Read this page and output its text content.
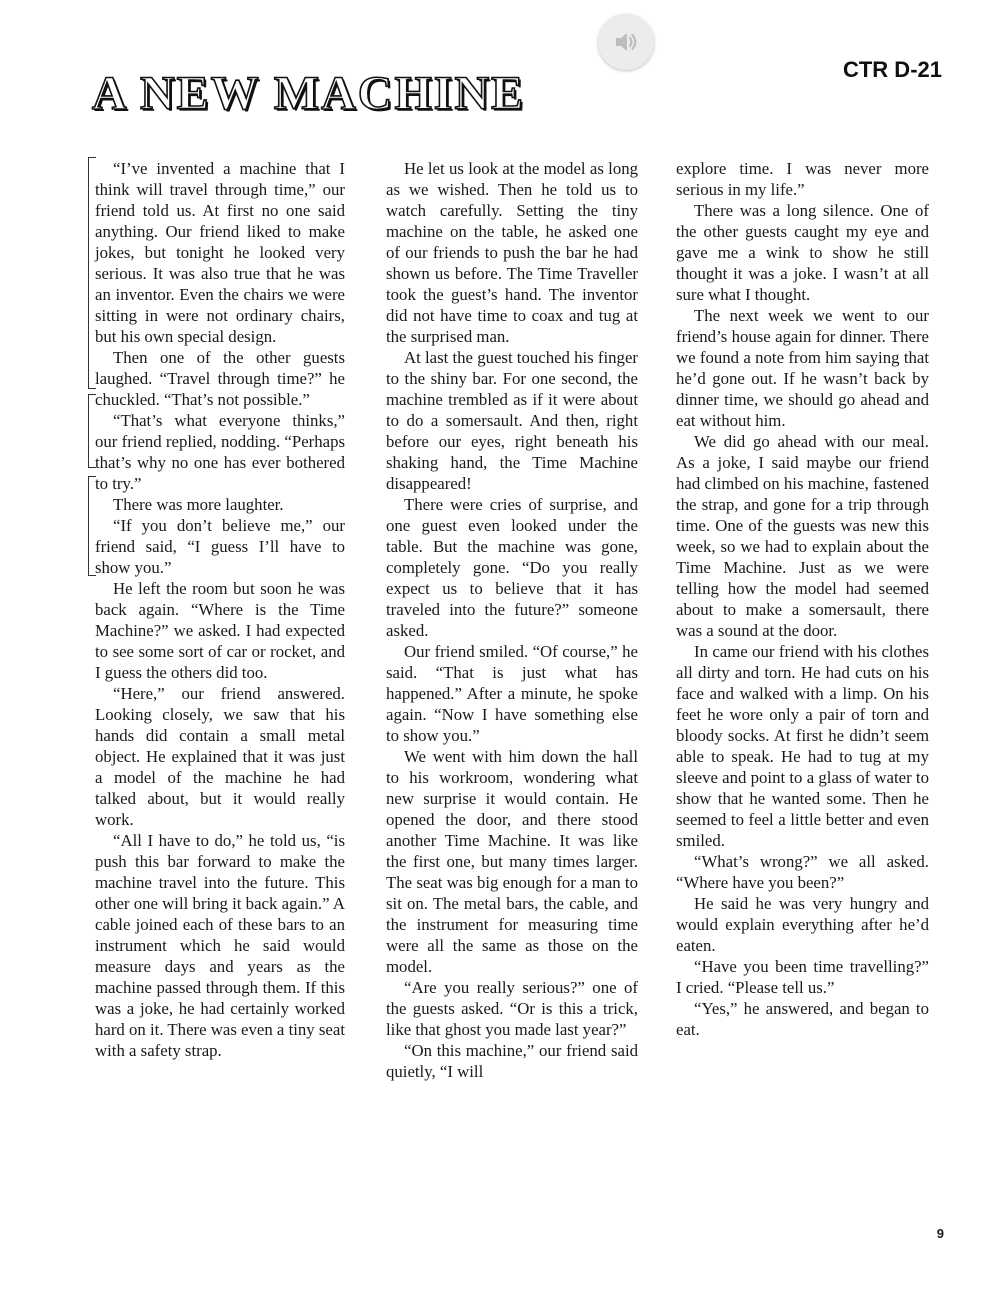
CTR D-21
A NEW MACHINE

“I’ve invented a machine that I think will travel through time,” our friend told us. At first no one said anything. Our friend liked to make jokes, but tonight he looked very serious. It was also true that he was an inventor. Even the chairs we were sitting in were not ordinary chairs, but his own special design.

Then one of the other guests laughed. “Travel through time?” he chuckled. “That’s not possible.”

“That’s what everyone thinks,” our friend replied, nodding. “Perhaps that’s why no one has ever bothered to try.”

There was more laughter.

“If you don’t believe me,” our friend said, “I guess I’ll have to show you.”

He left the room but soon he was back again. “Where is the Time Machine?” we asked. I had expected to see some sort of car or rocket, and I guess the others did too.

“Here,” our friend answered. Looking closely, we saw that his hands did contain a small metal object. He explained that it was just a model of the machine he had talked about, but it would really work.

“All I have to do,” he told us, “is push this bar forward to make the machine travel into the future. This other one will bring it back again.” A cable joined each of these bars to an instrument which he said would measure days and years as the machine passed through them. If this was a joke, he had certainly worked hard on it. There was even a tiny seat with a safety strap.

He let us look at the model as long as we wished. Then he told us to watch carefully. Setting the tiny machine on the table, he asked one of our friends to push the bar he had shown us before. The Time Traveller took the guest’s hand. The inventor did not have time to coax and tug at the surprised man.

At last the guest touched his finger to the shiny bar. For one second, the machine trembled as if it were about to do a somersault. And then, right before our eyes, right beneath his shaking hand, the Time Machine disappeared!

There were cries of surprise, and one guest even looked under the table. But the machine was gone, completely gone. “Do you really expect us to believe that it has traveled into the future?” someone asked.

Our friend smiled. “Of course,” he said. “That is just what has happened.” After a minute, he spoke again. “Now I have something else to show you.”

We went with him down the hall to his workroom, wondering what new surprise it would contain. He opened the door, and there stood another Time Machine. It was like the first one, but many times larger. The seat was big enough for a man to sit on. The metal bars, the cable, and the instrument for measuring time were all the same as those on the model.

“Are you really serious?” one of the guests asked. “Or is this a trick, like that ghost you made last year?”

“On this machine,” our friend said quietly, “I will

explore time. I was never more serious in my life.”

There was a long silence. One of the other guests caught my eye and gave me a wink to show he still thought it was a joke. I wasn’t at all sure what I thought.

The next week we went to our friend’s house again for dinner. There we found a note from him saying that he’d gone out. If he wasn’t back by dinner time, we should go ahead and eat without him.

We did go ahead with our meal. As a joke, I said maybe our friend had climbed on his machine, fastened the strap, and gone for a trip through time. One of the guests was new this week, so we had to explain about the Time Machine. Just as we were telling how the model had seemed about to make a somersault, there was a sound at the door.

In came our friend with his clothes all dirty and torn. He had cuts on his face and walked with a limp. On his feet he wore only a pair of torn and bloody socks. At first he didn’t seem able to speak. He had to tug at my sleeve and point to a glass of water to show that he wanted some. Then he seemed to feel a little better and even smiled.

“What’s wrong?” we all asked. “Where have you been?”

He said he was very hungry and would explain everything after he’d eaten.

“Have you been time travelling?” I cried. “Please tell us.”

“Yes,” he answered, and began to eat.

9
